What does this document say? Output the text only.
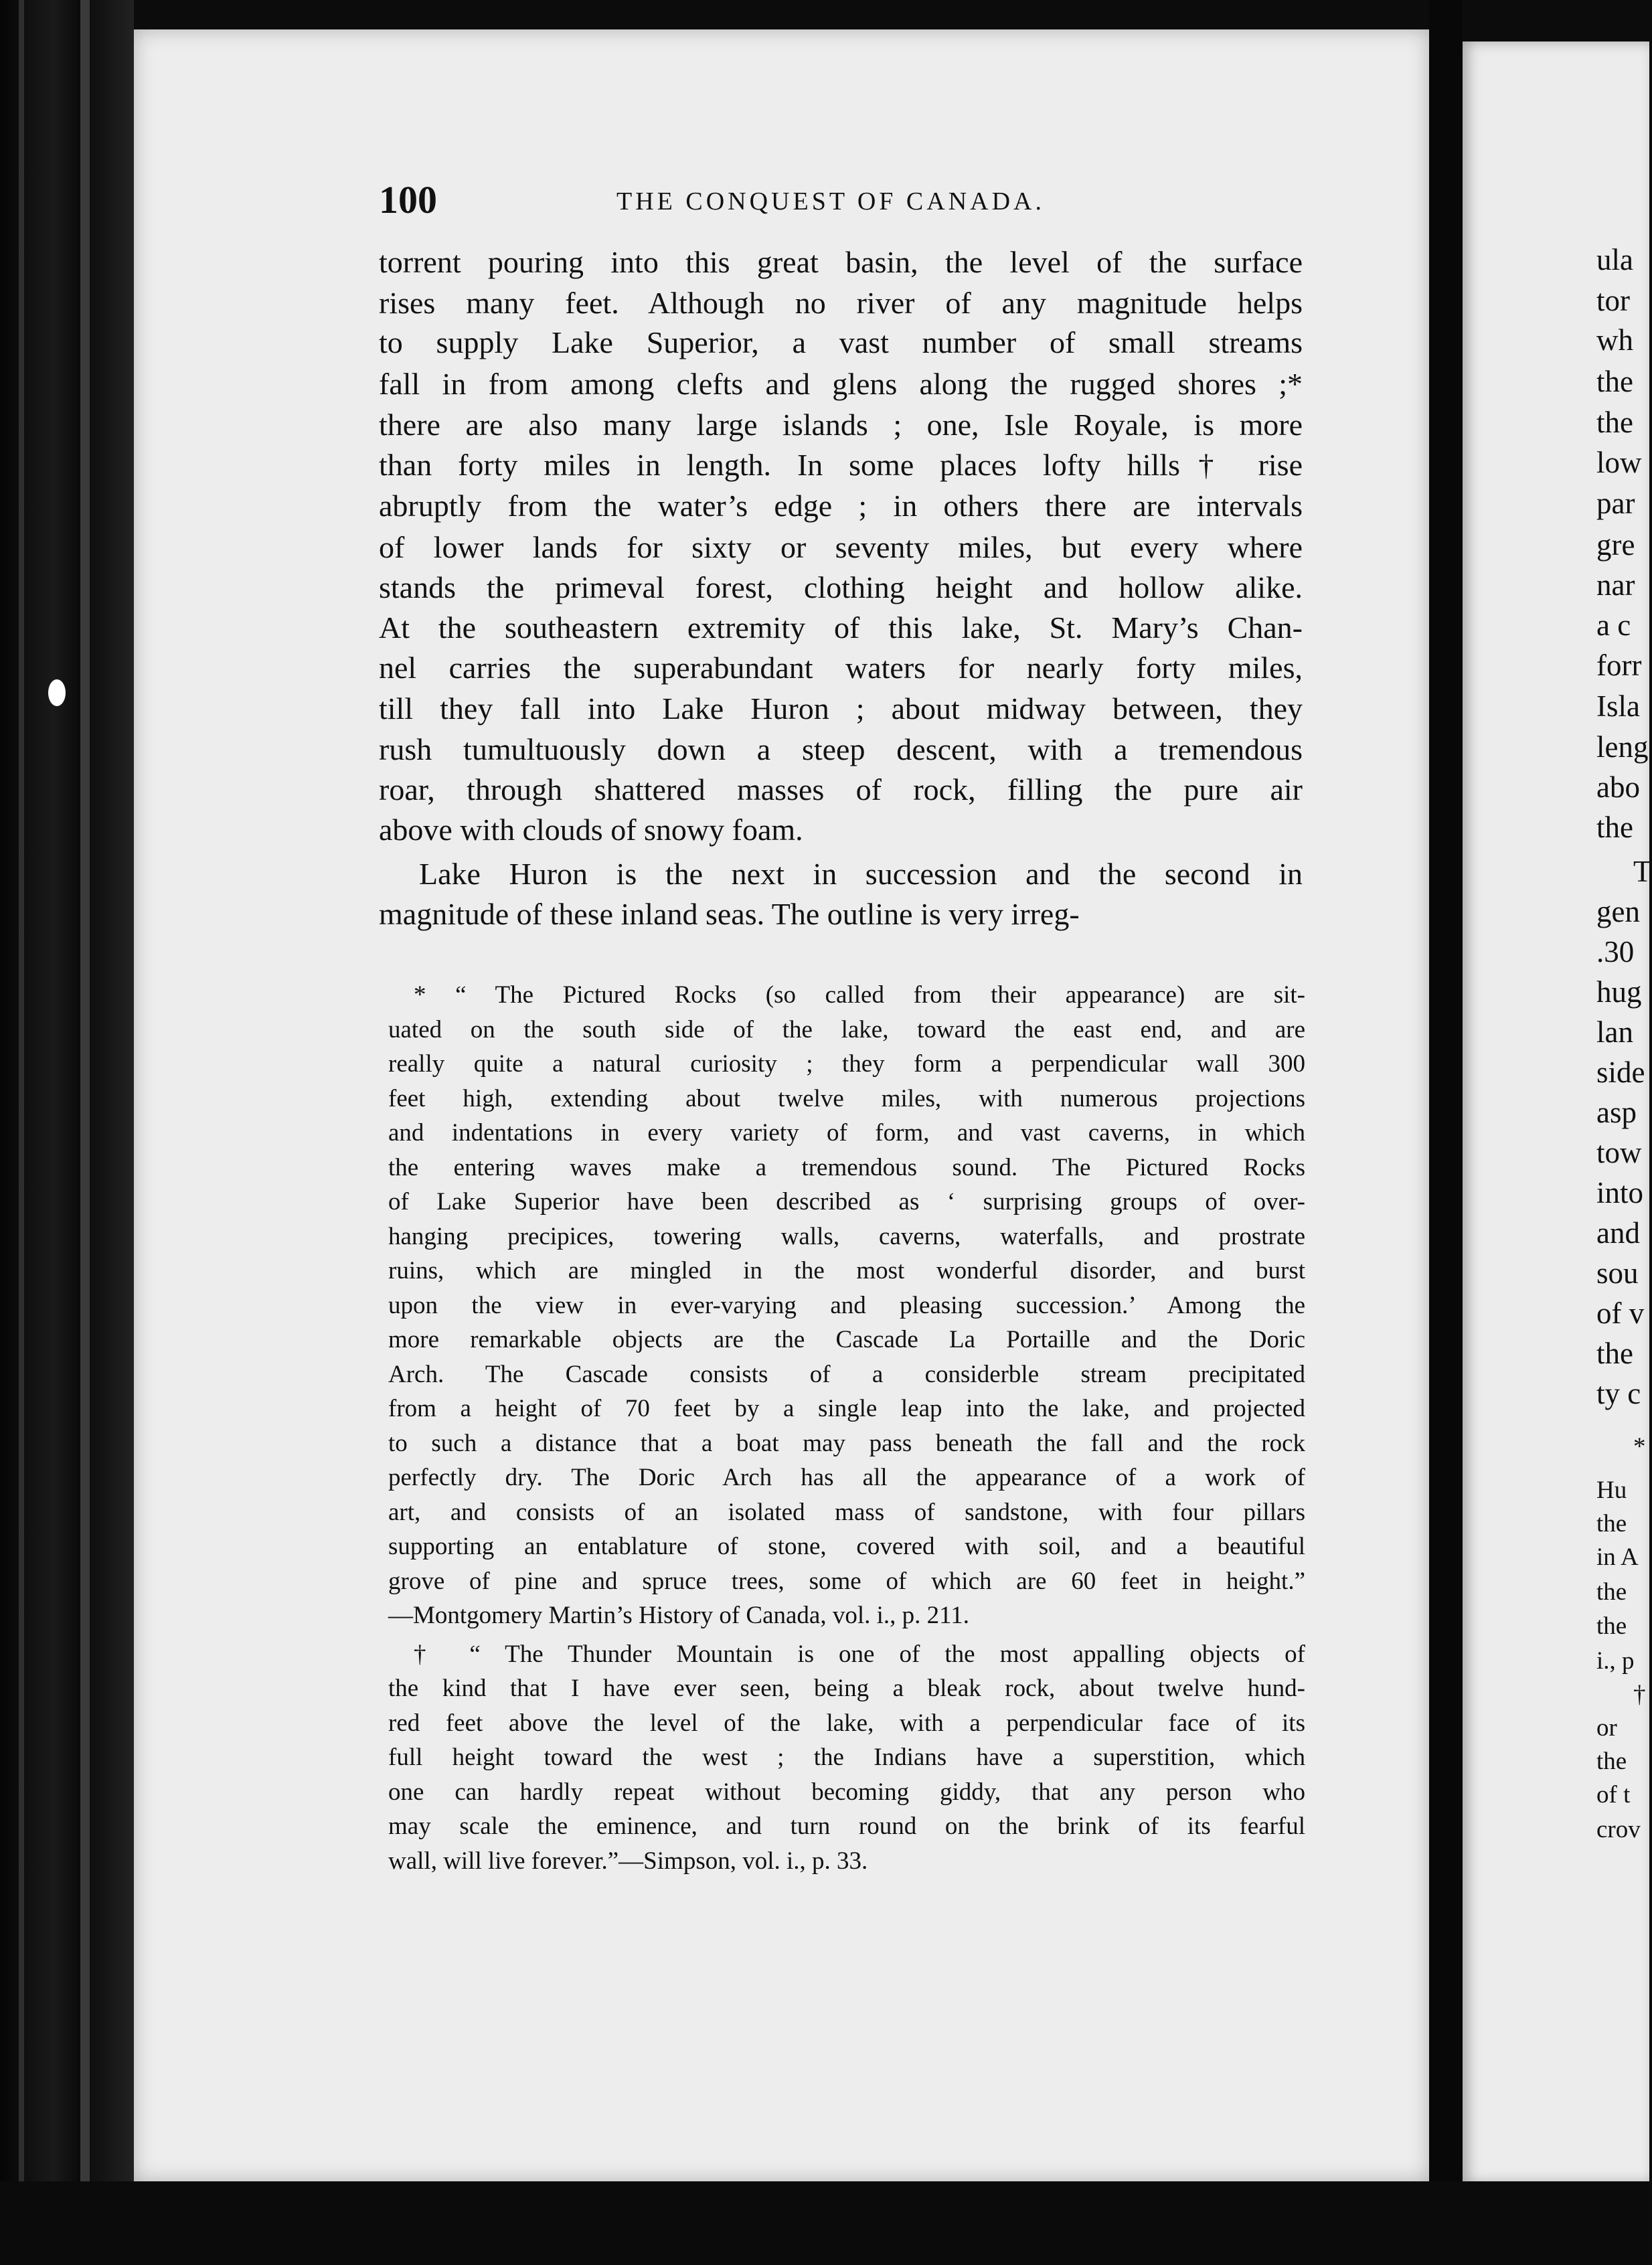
100	THE CONQUEST OF CANADA.
torrent pouring into this great basin, the level of the surface
rises many feet. Although no river of any magnitude helps
to supply Lake Superior, a vast number of small streams
fall in from among clefts and glens along the rugged shores ;*
there are also many large islands ; one, Isle Royale, is more
than forty miles in length. In some places lofty hills† rise
abruptly from the water’s edge ; in others there are intervals
of lower lands for sixty or seventy miles, but every where
stands the primeval forest, clothing height and hollow alike.
At the southeastern extremity of this lake, St. Mary’s Chan-
nel carries the superabundant waters for nearly forty miles,
till they fall into Lake Huron ; about midway between, they
rush tumultuously down a steep descent, with a tremendous
roar, through shattered masses of rock, filling the pure air
above with clouds of snowy foam.
Lake Huron is the next in succession and the second in
magnitude of these inland seas. The outline is very irreg-
* “ The Pictured Rocks (so called from their appearance) are sit-
uated on the south side of the lake, toward the east end, and are
really quite a natural curiosity ; they form a perpendicular wall 300
feet high, extending about twelve miles, with numerous projections
and indentations in every variety of form, and vast caverns, in which
the entering waves make a tremendous sound. The Pictured Rocks
of Lake Superior have been described as ‘ surprising groups of over-
hanging precipices, towering walls, caverns, waterfalls, and prostrate
ruins, which are mingled in the most wonderful disorder, and burst
upon the view in ever-varying and pleasing succession.’ Among the
more remarkable objects are the Cascade La Portaille and the Doric
Arch. The Cascade consists of a considerble stream precipitated
from a height of 70 feet by a single leap into the lake, and projected
to such a distance that a boat may pass beneath the fall and the rock
perfectly dry. The Doric Arch has all the appearance of a work of
art, and consists of an isolated mass of sandstone, with four pillars
supporting an entablature of stone, covered with soil, and a beautiful
grove of pine and spruce trees, some of which are 60 feet in height.”
—Montgomery Martin’s History of Canada, vol. i., p. 211.
† “ The Thunder Mountain is one of the most appalling objects of
the kind that I have ever seen, being a bleak rock, about twelve hund-
red feet above the level of the lake, with a perpendicular face of its
full height toward the west ; the Indians have a superstition, which
one can hardly repeat without becoming giddy, that any person who
may scale the eminence, and turn round on the brink of its fearful
wall, will live forever.”—Simpson, vol. i., p. 33.
ula
tor
wh
the
the
low
par
gre
nar
a c
forr
Isla
leng
abo
the
T
gen
.30
hug
lan
side
asp
tow
into
and
sou
of v
the
ty c
*
Hu
the
in A
the
the
i., p
†
or
the
of t
crov
